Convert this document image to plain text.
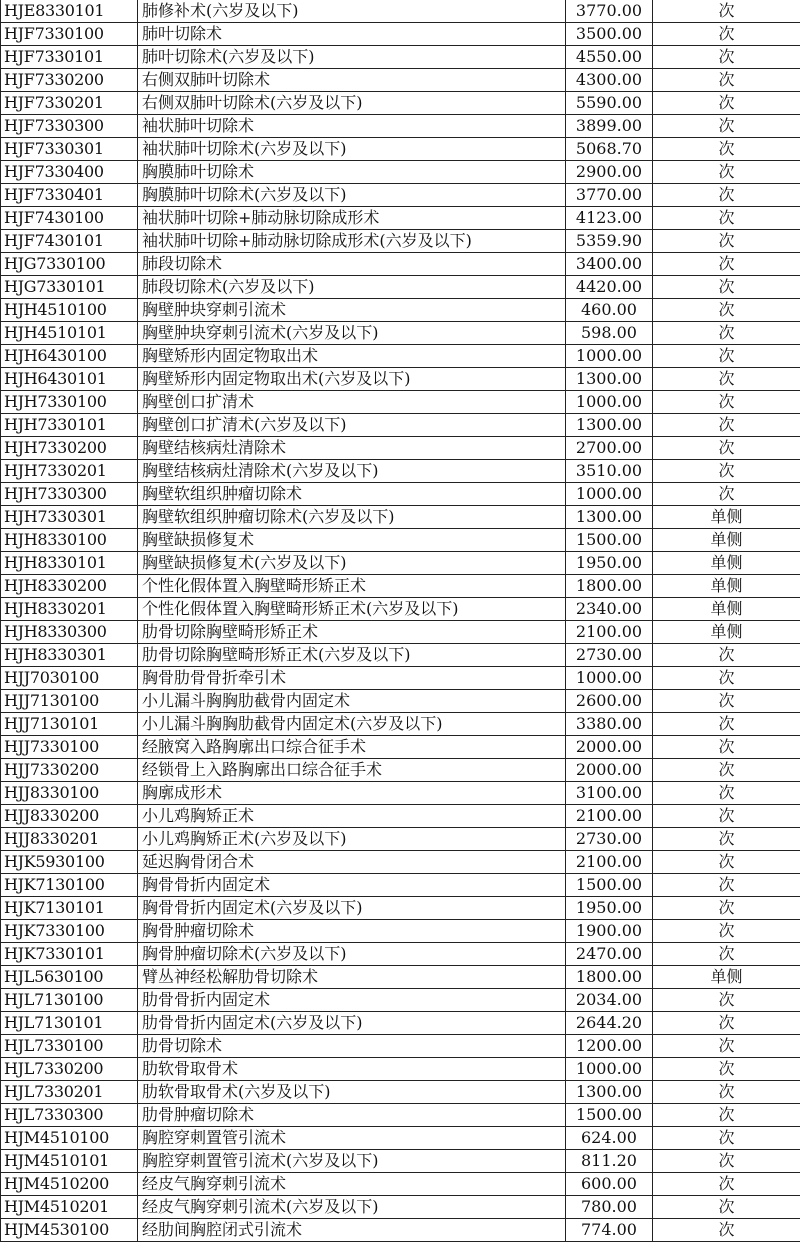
HJE8330101	肺修补术(六岁及以下)	3770.00	次
HJF7330100	肺叶切除术	3500.00	次
HJF7330101	肺叶切除术(六岁及以下)	4550.00	次
HJF7330200	右侧双肺叶切除术	4300.00	次
HJF7330201	右侧双肺叶切除术(六岁及以下)	5590.00	次
HJF7330300	袖状肺叶切除术	3899.00	次
HJF7330301	袖状肺叶切除术(六岁及以下)	5068.70	次
HJF7330400	胸膜肺叶切除术	2900.00	次
HJF7330401	胸膜肺叶切除术(六岁及以下)	3770.00	次
HJF7430100	袖状肺叶切除+肺动脉切除成形术	4123.00	次
HJF7430101	袖状肺叶切除+肺动脉切除成形术(六岁及以下)	5359.90	次
HJG7330100	肺段切除术	3400.00	次
HJG7330101	肺段切除术(六岁及以下)	4420.00	次
HJH4510100	胸壁肿块穿刺引流术	460.00	次
HJH4510101	胸壁肿块穿刺引流术(六岁及以下)	598.00	次
HJH6430100	胸壁矫形内固定物取出术	1000.00	次
HJH6430101	胸壁矫形内固定物取出术(六岁及以下)	1300.00	次
HJH7330100	胸壁创口扩清术	1000.00	次
HJH7330101	胸壁创口扩清术(六岁及以下)	1300.00	次
HJH7330200	胸壁结核病灶清除术	2700.00	次
HJH7330201	胸壁结核病灶清除术(六岁及以下)	3510.00	次
HJH7330300	胸壁软组织肿瘤切除术	1000.00	次
HJH7330301	胸壁软组织肿瘤切除术(六岁及以下)	1300.00	单侧
HJH8330100	胸壁缺损修复术	1500.00	单侧
HJH8330101	胸壁缺损修复术(六岁及以下)	1950.00	单侧
HJH8330200	个性化假体置入胸壁畸形矫正术	1800.00	单侧
HJH8330201	个性化假体置入胸壁畸形矫正术(六岁及以下)	2340.00	单侧
HJH8330300	肋骨切除胸壁畸形矫正术	2100.00	单侧
HJH8330301	肋骨切除胸壁畸形矫正术(六岁及以下)	2730.00	次
HJJ7030100	胸骨肋骨骨折牵引术	1000.00	次
HJJ7130100	小儿漏斗胸胸肋截骨内固定术	2600.00	次
HJJ7130101	小儿漏斗胸胸肋截骨内固定术(六岁及以下)	3380.00	次
HJJ7330100	经腋窝入路胸廓出口综合征手术	2000.00	次
HJJ7330200	经锁骨上入路胸廓出口综合征手术	2000.00	次
HJJ8330100	胸廓成形术	3100.00	次
HJJ8330200	小儿鸡胸矫正术	2100.00	次
HJJ8330201	小儿鸡胸矫正术(六岁及以下)	2730.00	次
HJK5930100	延迟胸骨闭合术	2100.00	次
HJK7130100	胸骨骨折内固定术	1500.00	次
HJK7130101	胸骨骨折内固定术(六岁及以下)	1950.00	次
HJK7330100	胸骨肿瘤切除术	1900.00	次
HJK7330101	胸骨肿瘤切除术(六岁及以下)	2470.00	次
HJL5630100	臂丛神经松解肋骨切除术	1800.00	单侧
HJL7130100	肋骨骨折内固定术	2034.00	次
HJL7130101	肋骨骨折内固定术(六岁及以下)	2644.20	次
HJL7330100	肋骨切除术	1200.00	次
HJL7330200	肋软骨取骨术	1000.00	次
HJL7330201	肋软骨取骨术(六岁及以下)	1300.00	次
HJL7330300	肋骨肿瘤切除术	1500.00	次
HJM4510100	胸腔穿刺置管引流术	624.00	次
HJM4510101	胸腔穿刺置管引流术(六岁及以下)	811.20	次
HJM4510200	经皮气胸穿刺引流术	600.00	次
HJM4510201	经皮气胸穿刺引流术(六岁及以下)	780.00	次
HJM4530100	经肋间胸腔闭式引流术	774.00	次
